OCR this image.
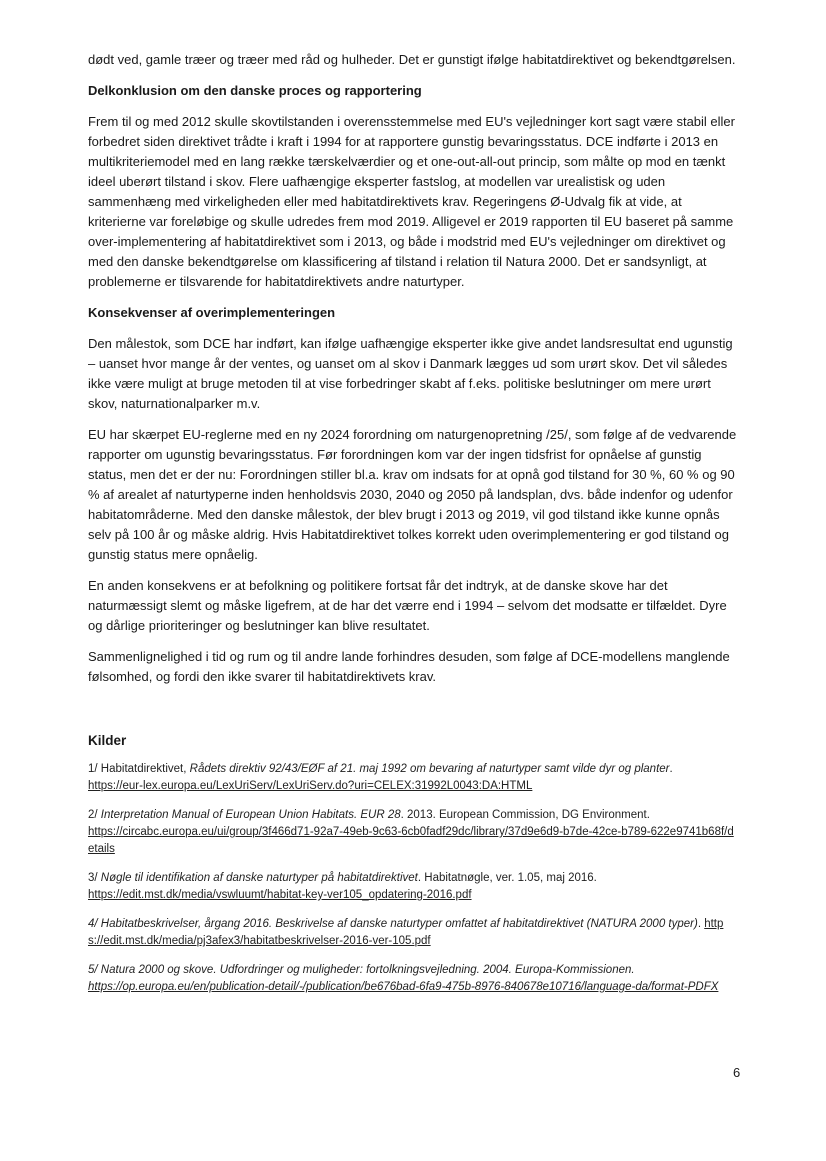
dødt ved, gamle træer og træer med råd og hulheder. Det er gunstigt ifølge habitatdirektivet og bekendtgørelsen.

Delkonklusion om den danske proces og rapportering

Frem til og med 2012 skulle skovtilstanden i overensstemmelse med EU's vejledninger kort sagt være stabil eller forbedret siden direktivet trådte i kraft i 1994 for at rapportere gunstig bevaringsstatus. DCE indførte i 2013 en multikriteriemodel med en lang række tærskelværdier og et one-out-all-out princip, som målte op mod en tænkt ideel uberørt tilstand i skov. Flere uafhængige eksperter fastslog, at modellen var urealistisk og uden sammenhæng med virkeligheden eller med habitatdirektivets krav. Regeringens Ø-Udvalg fik at vide, at kriterierne var foreløbige og skulle udredes frem mod 2019. Alligevel er 2019 rapporten til EU baseret på samme over-implementering af habitatdirektivet som i 2013, og både i modstrid med EU's vejledninger om direktivet og med den danske bekendtgørelse om klassificering af tilstand i relation til Natura 2000. Det er sandsynligt, at problemerne er tilsvarende for habitatdirektivets andre naturtyper.

Konsekvenser af overimplementeringen

Den målestok, som DCE har indført, kan ifølge uafhængige eksperter ikke give andet landsresultat end ugunstig – uanset hvor mange år der ventes, og uanset om al skov i Danmark lægges ud som urørt skov. Det vil således ikke være muligt at bruge metoden til at vise forbedringer skabt af f.eks. politiske beslutninger om mere urørt skov, naturnationalparker m.v.

EU har skærpet EU-reglerne med en ny 2024 forordning om naturgenopretning /25/, som følge af de vedvarende rapporter om ugunstig bevaringsstatus. Før forordningen kom var der ingen tidsfrist for opnåelse af gunstig status, men det er der nu: Forordningen stiller bl.a. krav om indsats for at opnå god tilstand for 30 %, 60 % og 90 % af arealet af naturtyperne inden henholdsvis 2030, 2040 og 2050 på landsplan, dvs. både indenfor og udenfor habitatområderne. Med den danske målestok, der blev brugt i 2013 og 2019, vil god tilstand ikke kunne opnås selv på 100 år og måske aldrig. Hvis Habitatdirektivet tolkes korrekt uden overimplementering er god tilstand og gunstig status mere opnåelig.

En anden konsekvens er at befolkning og politikere fortsat får det indtryk, at de danske skove har det naturmæssigt slemt og måske ligefrem, at de har det værre end i 1994 – selvom det modsatte er tilfældet. Dyre og dårlige prioriteringer og beslutninger kan blive resultatet.

Sammenlignelighed i tid og rum og til andre lande forhindres desuden, som følge af DCE-modellens manglende følsomhed, og fordi den ikke svarer til habitatdirektivets krav.

Kilder
1/ Habitatdirektivet, Rådets direktiv 92/43/EØF af 21. maj 1992 om bevaring af naturtyper samt vilde dyr og planter.
https://eur-lex.europa.eu/LexUriServ/LexUriServ.do?uri=CELEX:31992L0043:DA:HTML
2/ Interpretation Manual of European Union Habitats. EUR 28. 2013. European Commission, DG Environment.
https://circabc.europa.eu/ui/group/3f466d71-92a7-49eb-9c63-6cb0fadf29dc/library/37d9e6d9-b7de-42ce-b789-622e9741b68f/details
3/ Nøgle til identifikation af danske naturtyper på habitatdirektivet. Habitatnøgle, ver. 1.05, maj 2016.
https://edit.mst.dk/media/vswluumt/habitat-key-ver105_opdatering-2016.pdf
4/ Habitatbeskrivelser, årgang 2016. Beskrivelse af danske naturtyper omfattet af habitatdirektivet (NATURA 2000 typer). https://edit.mst.dk/media/pj3afex3/habitatbeskrivelser-2016-ver-105.pdf
5/ Natura 2000 og skove. Udfordringer og muligheder: fortolkningsvejledning. 2004. Europa-Kommissionen.
https://op.europa.eu/en/publication-detail/-/publication/be676bad-6fa9-475b-8976-840678e10716/language-da/format-PDFX
6
